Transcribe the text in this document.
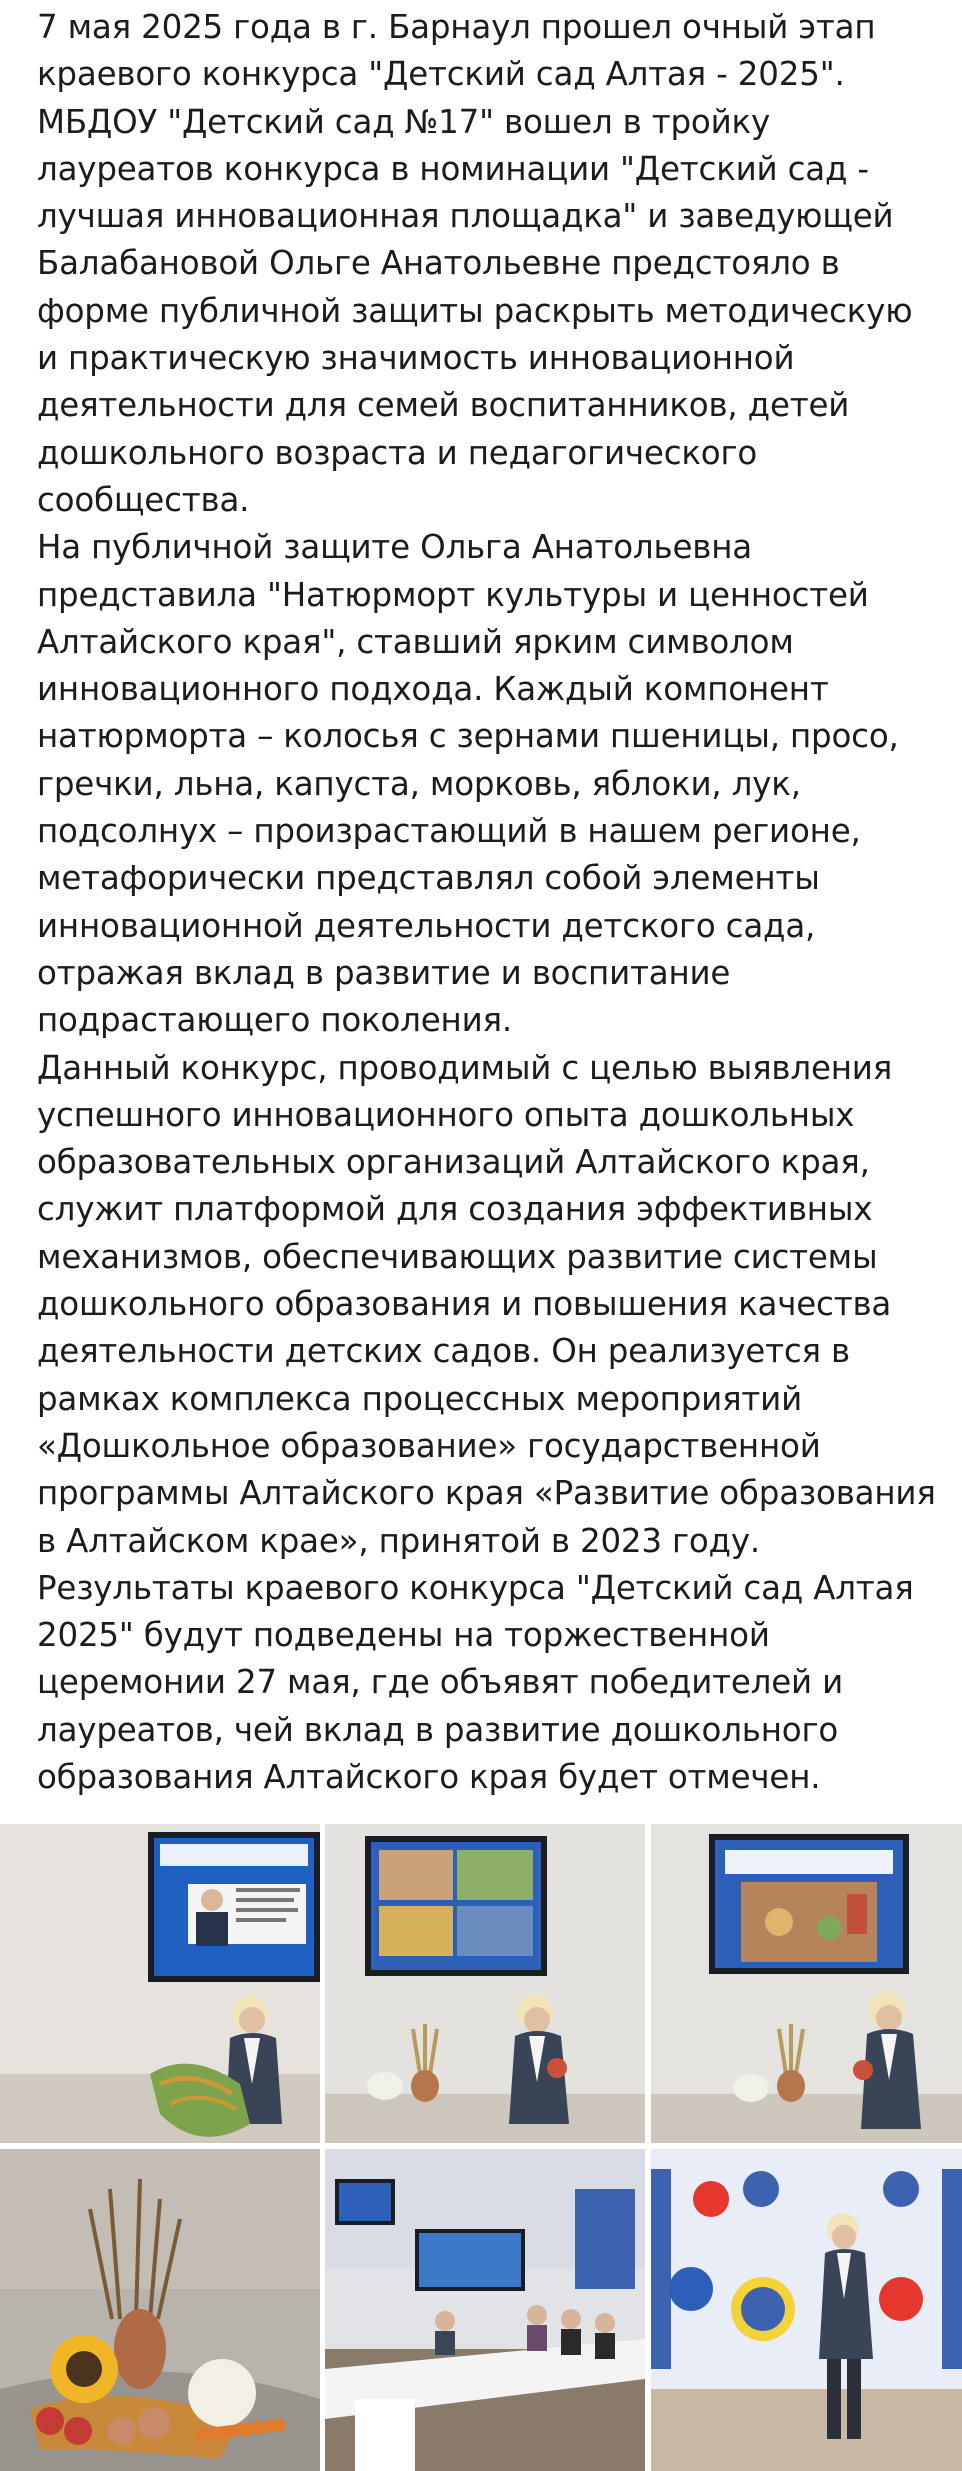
7 мая 2025 года в г. Барнаул прошел очный этап краевого конкурса "Детский сад Алтая - 2025". МБДОУ "Детский сад №17" вошел в тройку лауреатов конкурса в номинации "Детский сад - лучшая инновационная площадка" и заведующей Балабановой Ольге Анатольевне предстояло в форме публичной защиты раскрыть методическую и практическую значимость инновационной деятельности для семей воспитанников, детей дошкольного возраста и педагогического сообщества.

На публичной защите Ольга Анатольевна представила "Натюрморт культуры и ценностей Алтайского края", ставший ярким символом инновационного подхода. Каждый компонент натюрморта – колосья с зернами пшеницы, просо, гречки, льна, капуста, морковь, яблоки, лук, подсолнух – произрастающий в нашем регионе, метафорически представлял собой элементы инновационной деятельности детского сада, отражая вклад в развитие и воспитание подрастающего поколения.

Данный конкурс, проводимый с целью выявления успешного инновационного опыта дошкольных образовательных организаций Алтайского края, служит платформой для создания эффективных механизмов, обеспечивающих развитие системы дошкольного образования и повышения качества деятельности детских садов. Он реализуется в рамках комплекса процессных мероприятий «Дошкольное образование» государственной программы Алтайского края «Развитие образования в Алтайском крае», принятой в 2023 году.

Результаты краевого конкурса "Детский сад Алтая 2025" будут подведены на торжественной церемонии 27 мая, где объявят победителей и лауреатов, чей вклад в развитие дошкольного образования Алтайского края будет отмечен.
